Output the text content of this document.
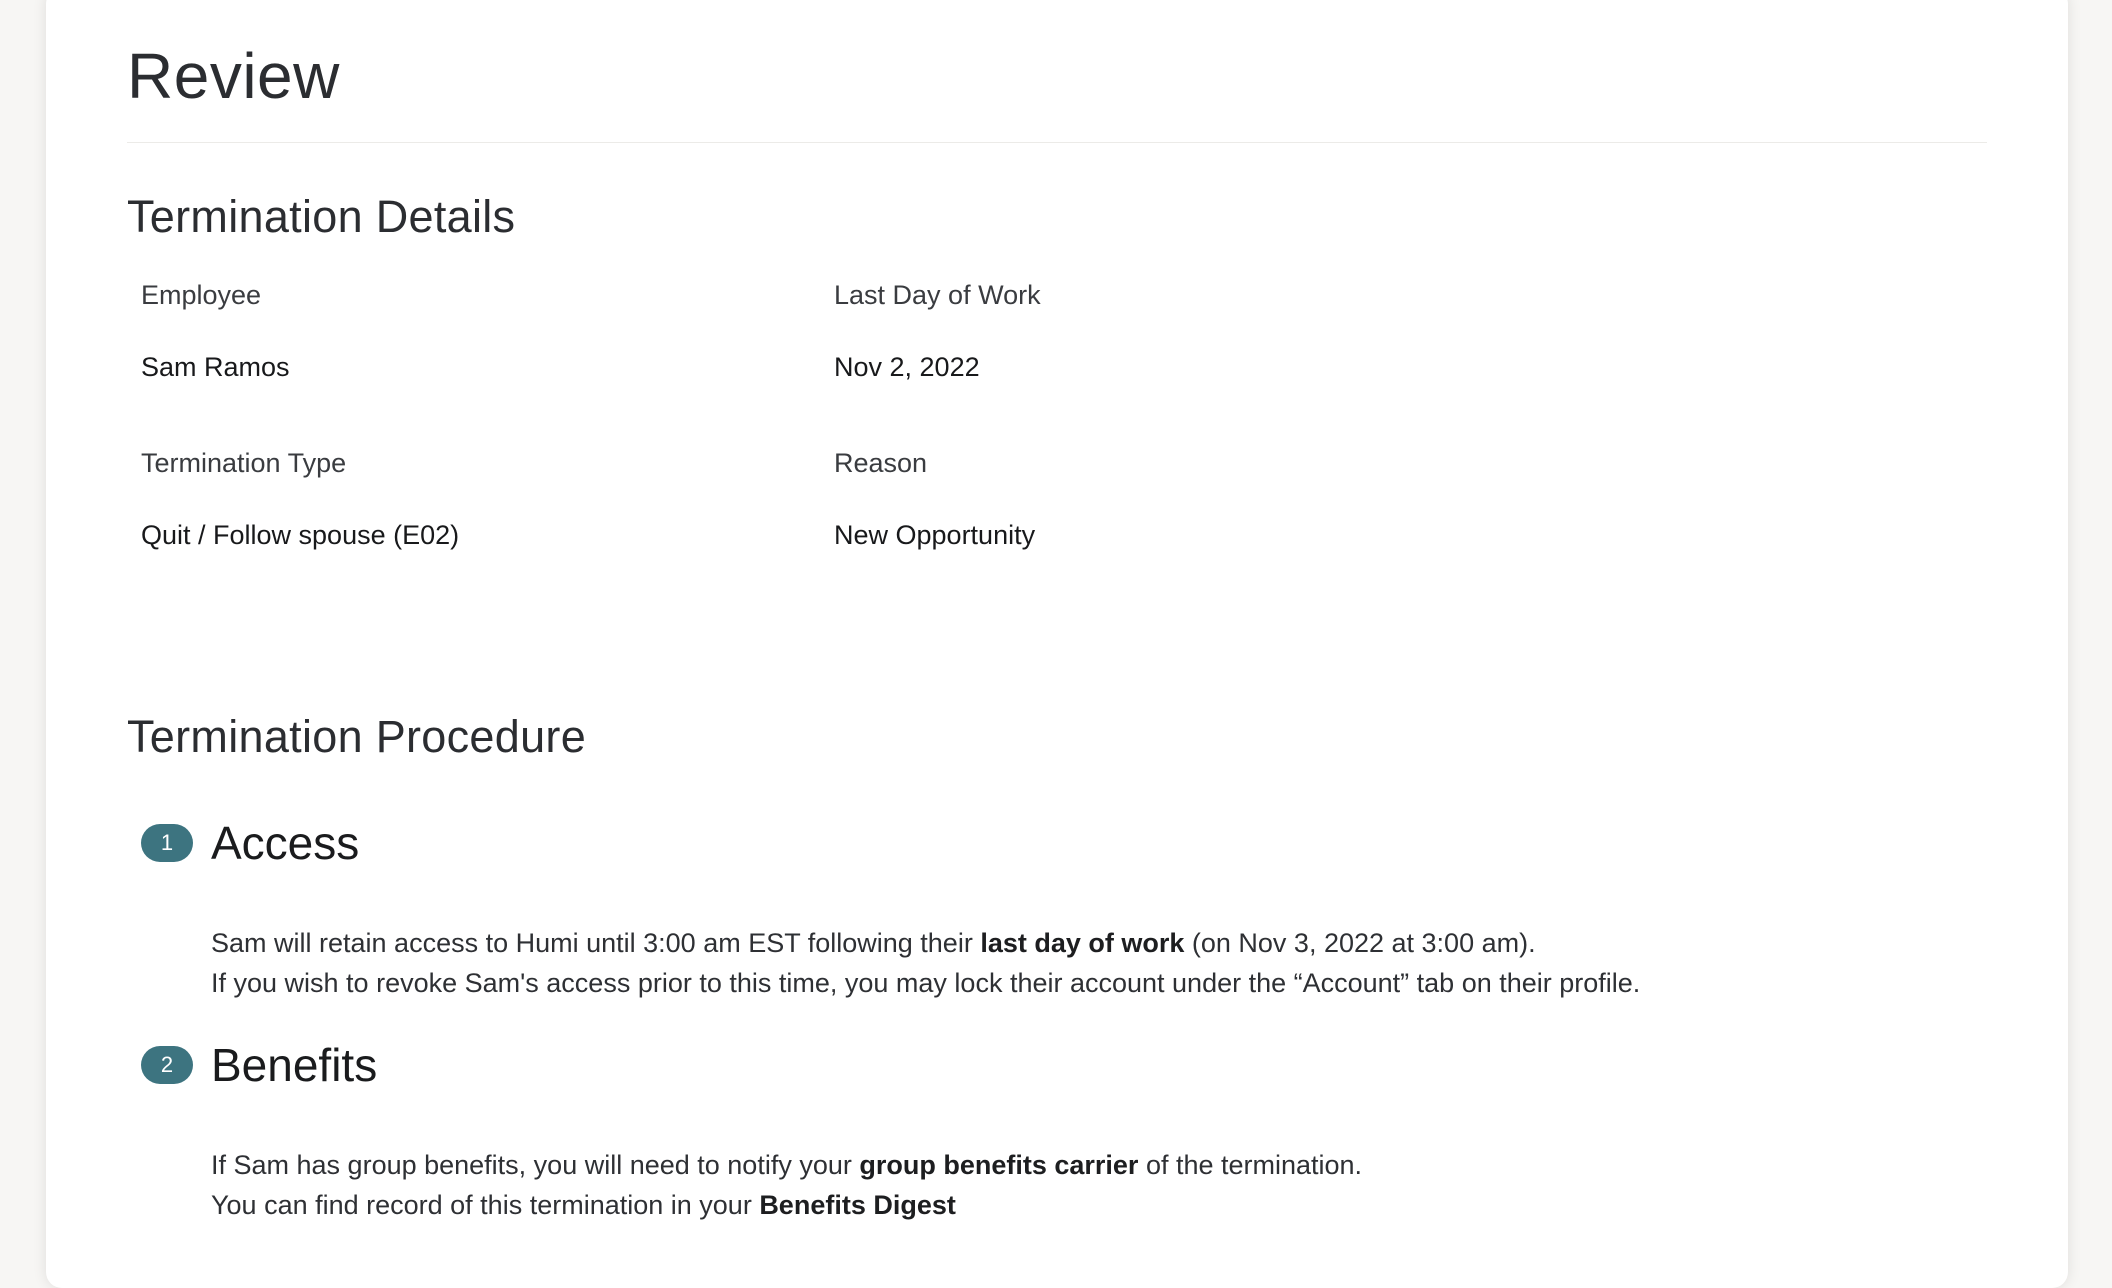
Review
Termination Details
Employee
Sam Ramos
Last Day of Work
Nov 2, 2022
Termination Type
Quit / Follow spouse (E02)
Reason
New Opportunity
Termination Procedure
1 Access
Sam will retain access to Humi until 3:00 am EST following their last day of work (on Nov 3, 2022 at 3:00 am).
If you wish to revoke Sam's access prior to this time, you may lock their account under the “Account” tab on their profile.
2 Benefits
If Sam has group benefits, you will need to notify your group benefits carrier of the termination.
You can find record of this termination in your Benefits Digest
